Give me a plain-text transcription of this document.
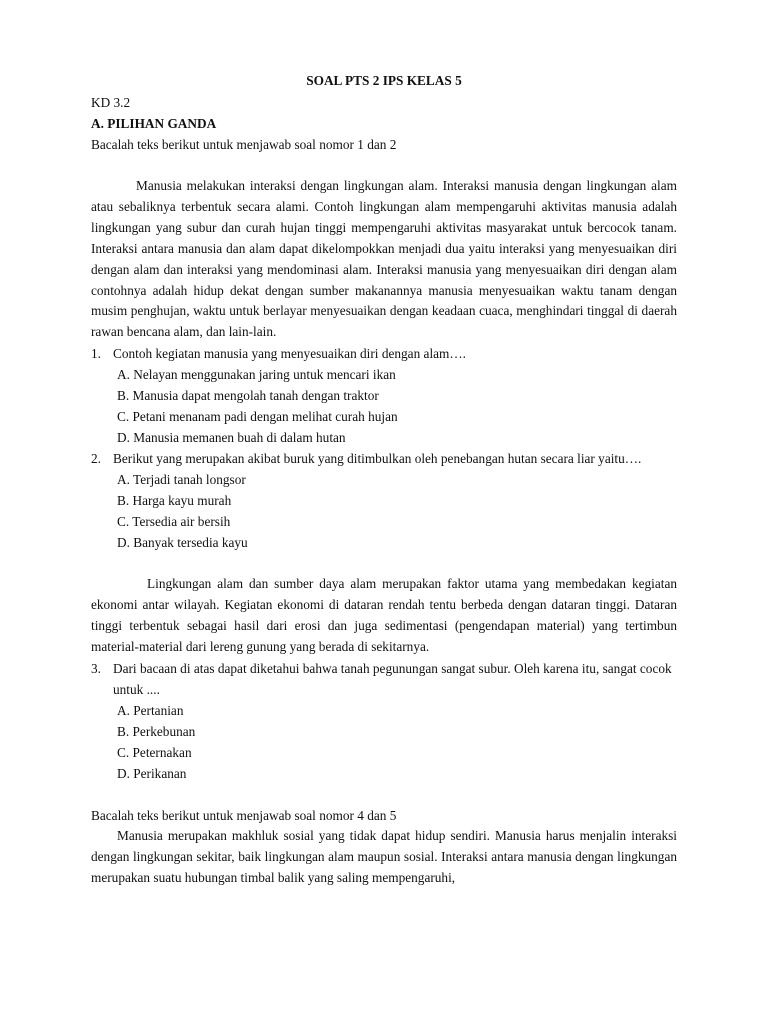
SOAL PTS 2 IPS KELAS 5
KD 3.2
A. PILIHAN GANDA
Bacalah teks berikut untuk menjawab soal nomor 1 dan 2
Manusia melakukan interaksi dengan lingkungan alam. Interaksi manusia dengan lingkungan alam atau sebaliknya terbentuk secara alami. Contoh lingkungan alam mempengaruhi aktivitas manusia adalah lingkungan yang subur dan curah hujan tinggi mempengaruhi aktivitas masyarakat untuk bercocok tanam. Interaksi antara manusia dan alam dapat dikelompokkan menjadi dua yaitu interaksi yang menyesuaikan diri dengan alam dan interaksi yang mendominasi alam. Interaksi manusia yang menyesuaikan diri dengan alam contohnya adalah hidup dekat dengan sumber makanannya manusia menyesuaikan waktu tanam dengan musim penghujan, waktu untuk berlayar menyesuaikan dengan keadaan cuaca, menghindari tinggal di daerah rawan bencana alam, dan lain-lain.
1. Contoh kegiatan manusia yang menyesuaikan diri dengan alam….
A. Nelayan menggunakan jaring untuk mencari ikan
B. Manusia dapat mengolah tanah dengan traktor
C. Petani menanam padi dengan melihat curah hujan
D. Manusia memanen buah di dalam hutan
2. Berikut yang merupakan akibat buruk yang ditimbulkan oleh penebangan hutan secara liar yaitu….
A. Terjadi tanah longsor
B. Harga kayu murah
C. Tersedia air bersih
D. Banyak tersedia kayu
Lingkungan alam dan sumber daya alam merupakan faktor utama yang membedakan kegiatan ekonomi antar wilayah. Kegiatan ekonomi di dataran rendah tentu berbeda dengan dataran tinggi. Dataran tinggi terbentuk sebagai hasil dari erosi dan juga sedimentasi (pengendapan material) yang tertimbun material-material dari lereng gunung yang berada di sekitarnya.
3. Dari bacaan di atas dapat diketahui bahwa tanah pegunungan sangat subur. Oleh karena itu, sangat cocok untuk ....
A. Pertanian
B. Perkebunan
C. Peternakan
D. Perikanan
Bacalah teks berikut untuk menjawab soal nomor 4 dan 5
Manusia merupakan makhluk sosial yang tidak dapat hidup sendiri. Manusia harus menjalin interaksi dengan lingkungan sekitar, baik lingkungan alam maupun sosial. Interaksi antara manusia dengan lingkungan merupakan suatu hubungan timbal balik yang saling mempengaruhi,
